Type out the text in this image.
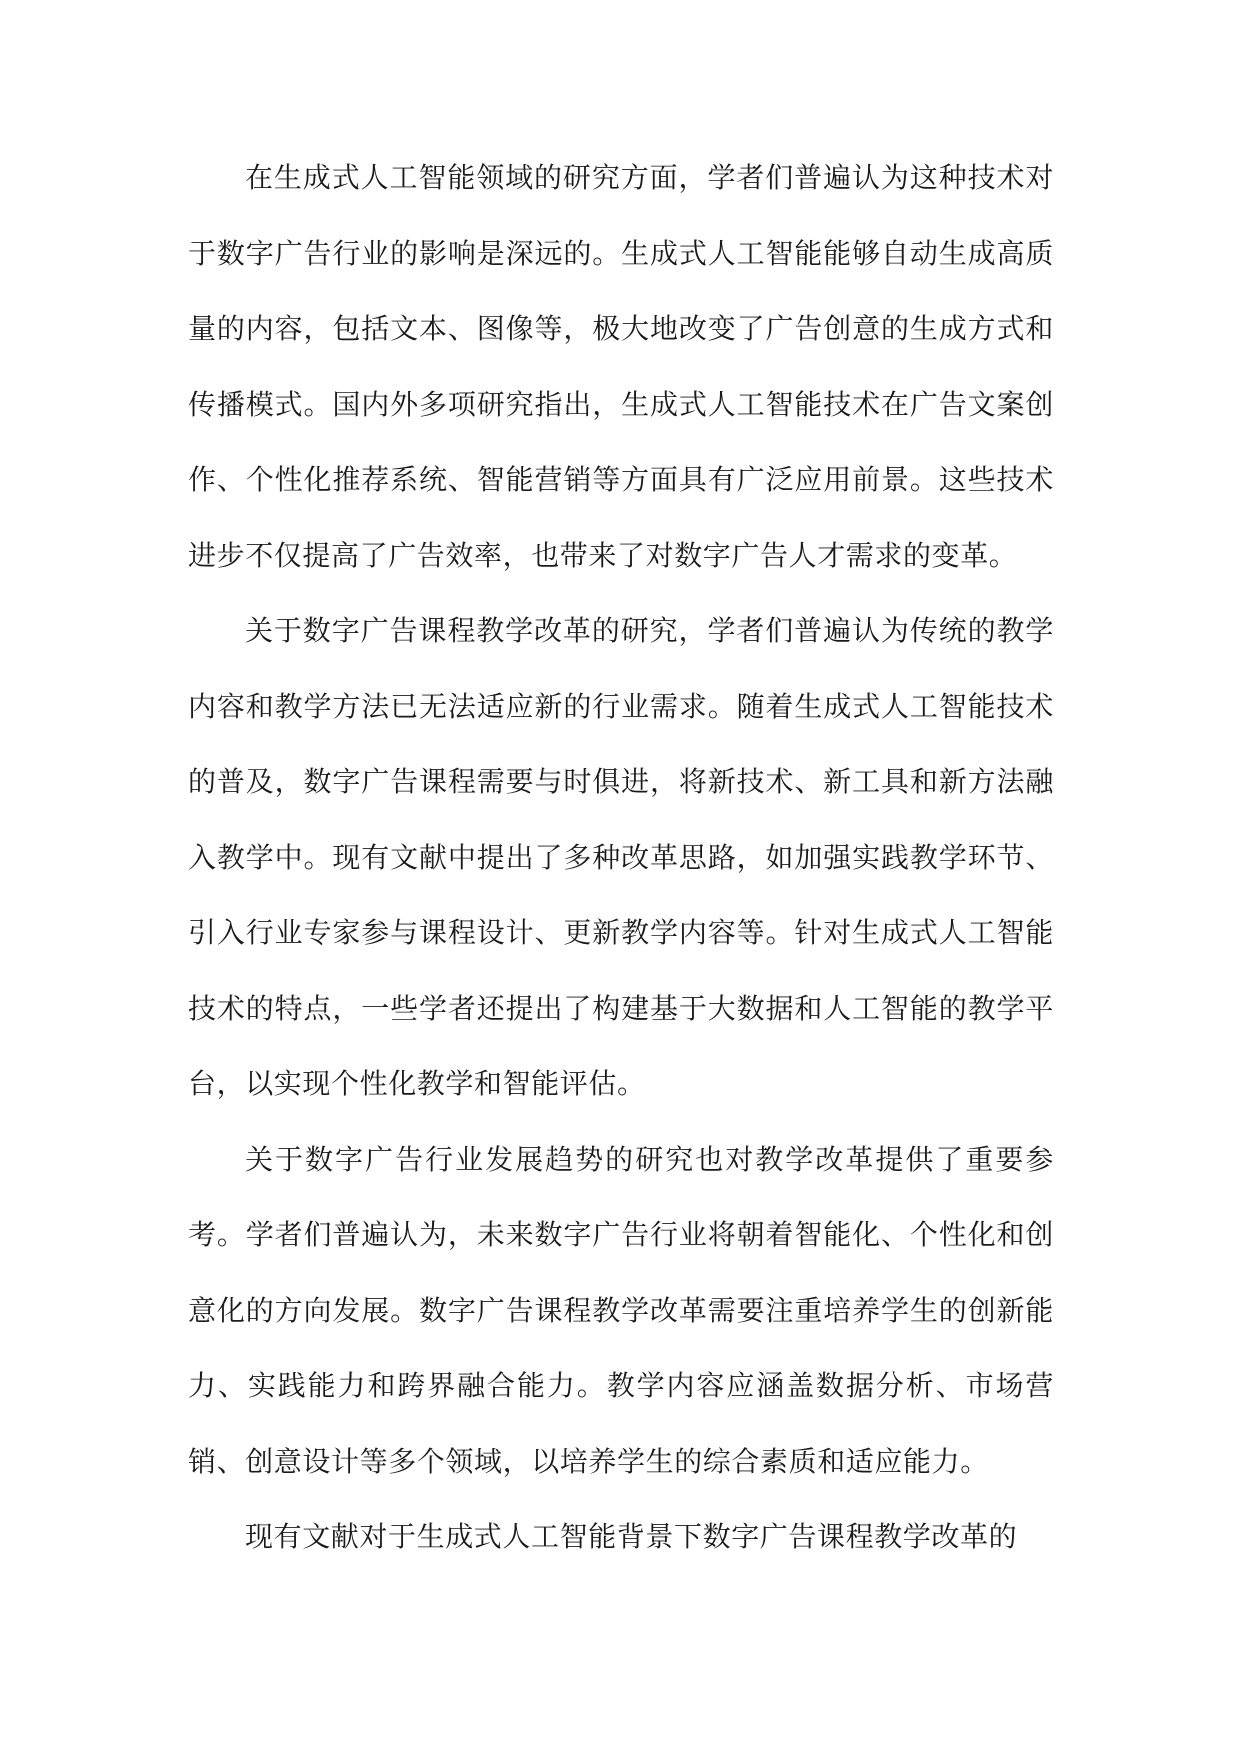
在生成式人工智能领域的研究方面，学者们普遍认为这种技术对于数字广告行业的影响是深远的。生成式人工智能能够自动生成高质量的内容，包括文本、图像等，极大地改变了广告创意的生成方式和传播模式。国内外多项研究指出，生成式人工智能技术在广告文案创作、个性化推荐系统、智能营销等方面具有广泛应用前景。这些技术进步不仅提高了广告效率，也带来了对数字广告人才需求的变革。

关于数字广告课程教学改革的研究，学者们普遍认为传统的教学内容和教学方法已无法适应新的行业需求。随着生成式人工智能技术的普及，数字广告课程需要与时俱进，将新技术、新工具和新方法融入教学中。现有文献中提出了多种改革思路，如加强实践教学环节、引入行业专家参与课程设计、更新教学内容等。针对生成式人工智能技术的特点，一些学者还提出了构建基于大数据和人工智能的教学平台，以实现个性化教学和智能评估。

关于数字广告行业发展趋势的研究也对教学改革提供了重要参考。学者们普遍认为，未来数字广告行业将朝着智能化、个性化和创意化的方向发展。数字广告课程教学改革需要注重培养学生的创新能力、实践能力和跨界融合能力。教学内容应涵盖数据分析、市场营销、创意设计等多个领域，以培养学生的综合素质和适应能力。

现有文献对于生成式人工智能背景下数字广告课程教学改革的
